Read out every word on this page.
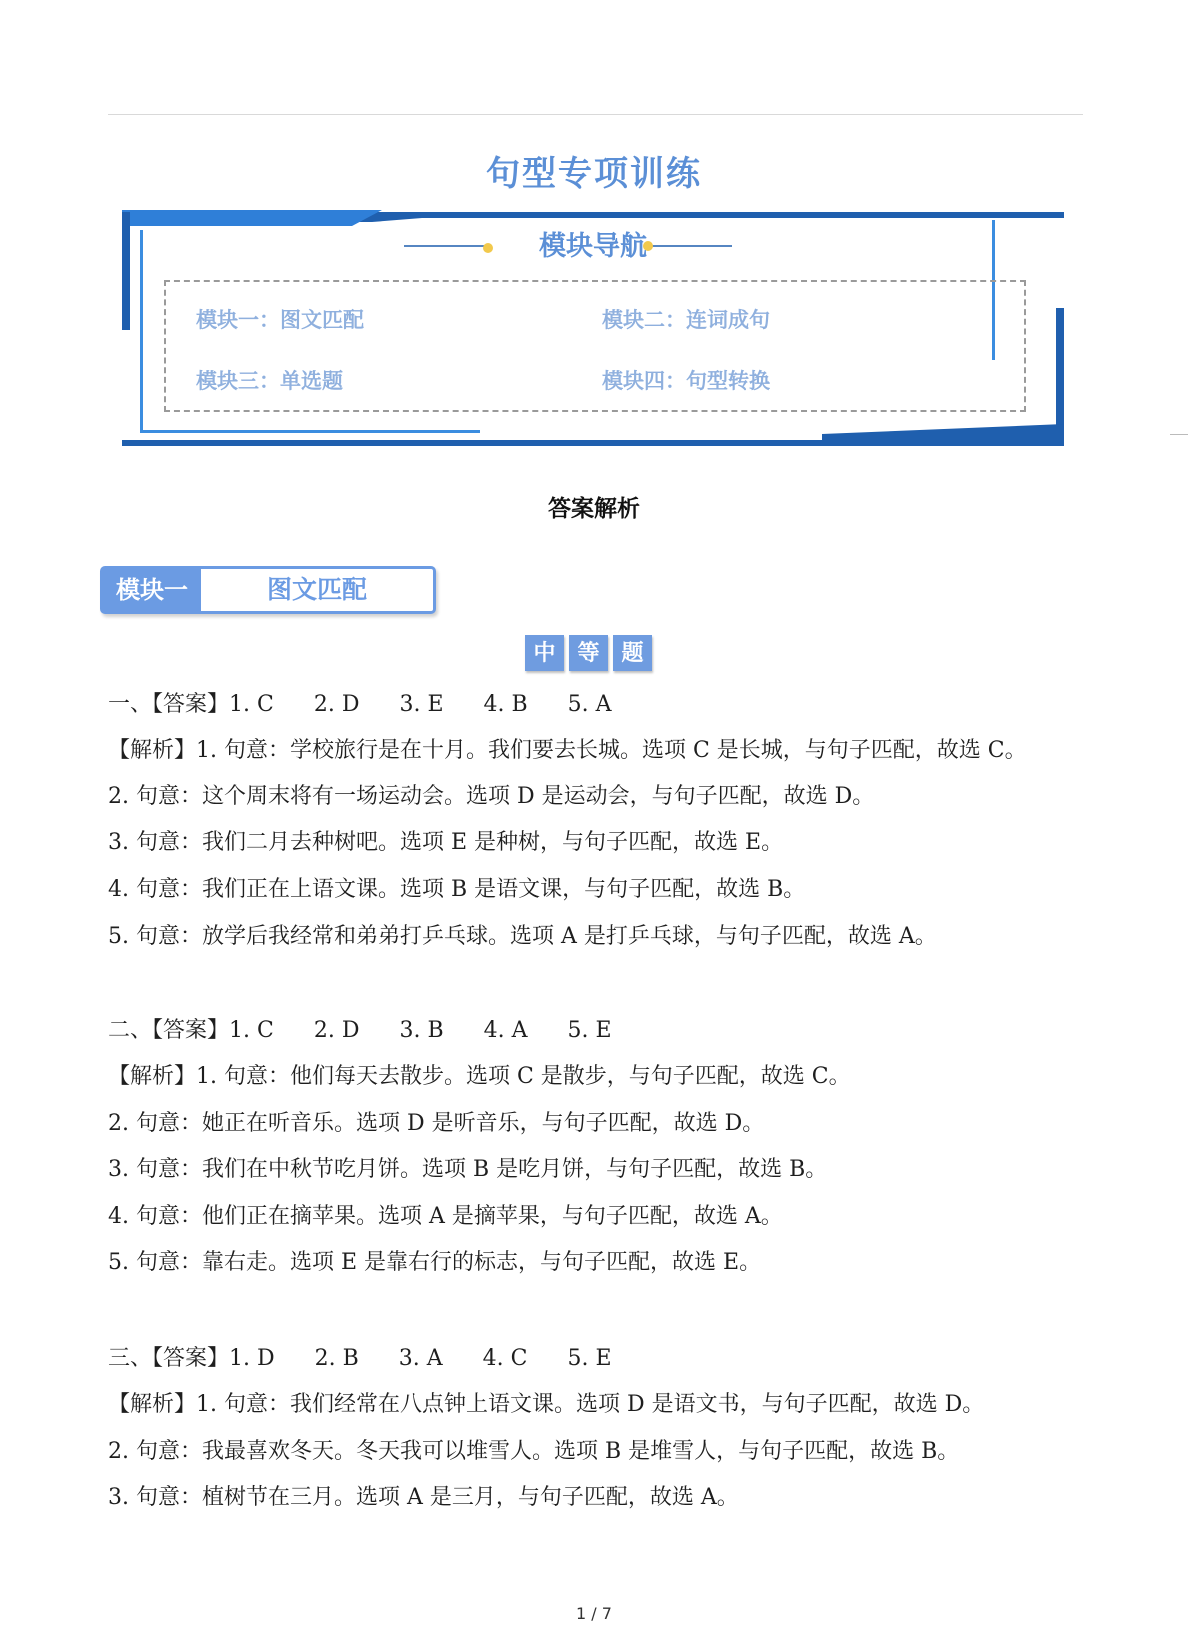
句型专项训练
模块导航
模块一：图文匹配	模块二：连词成句
模块三：单选题	模块四：句型转换
答案解析
模块一	图文匹配
中 等 题
一、【答案】1. C 2. D 3. E 4. B 5. A
【解析】1. 句意：学校旅行是在十月。我们要去长城。选项 C 是长城，与句子匹配，故选 C。
2. 句意：这个周末将有一场运动会。选项 D 是运动会，与句子匹配，故选 D。
3. 句意：我们二月去种树吧。选项 E 是种树，与句子匹配，故选 E。
4. 句意：我们正在上语文课。选项 B 是语文课，与句子匹配，故选 B。
5. 句意：放学后我经常和弟弟打乒乓球。选项 A 是打乒乓球，与句子匹配，故选 A。
二、【答案】1. C 2. D 3. B 4. A 5. E
【解析】1. 句意：他们每天去散步。选项 C 是散步，与句子匹配，故选 C。
2. 句意：她正在听音乐。选项 D 是听音乐，与句子匹配，故选 D。
3. 句意：我们在中秋节吃月饼。选项 B 是吃月饼，与句子匹配，故选 B。
4. 句意：他们正在摘苹果。选项 A 是摘苹果，与句子匹配，故选 A。
5. 句意：靠右走。选项 E 是靠右行的标志，与句子匹配，故选 E。
三、【答案】1. D 2. B 3. A 4. C 5. E
【解析】1. 句意：我们经常在八点钟上语文课。选项 D 是语文书，与句子匹配，故选 D。
2. 句意：我最喜欢冬天。冬天我可以堆雪人。选项 B 是堆雪人，与句子匹配，故选 B。
3. 句意：植树节在三月。选项 A 是三月，与句子匹配，故选 A。
1 / 7
